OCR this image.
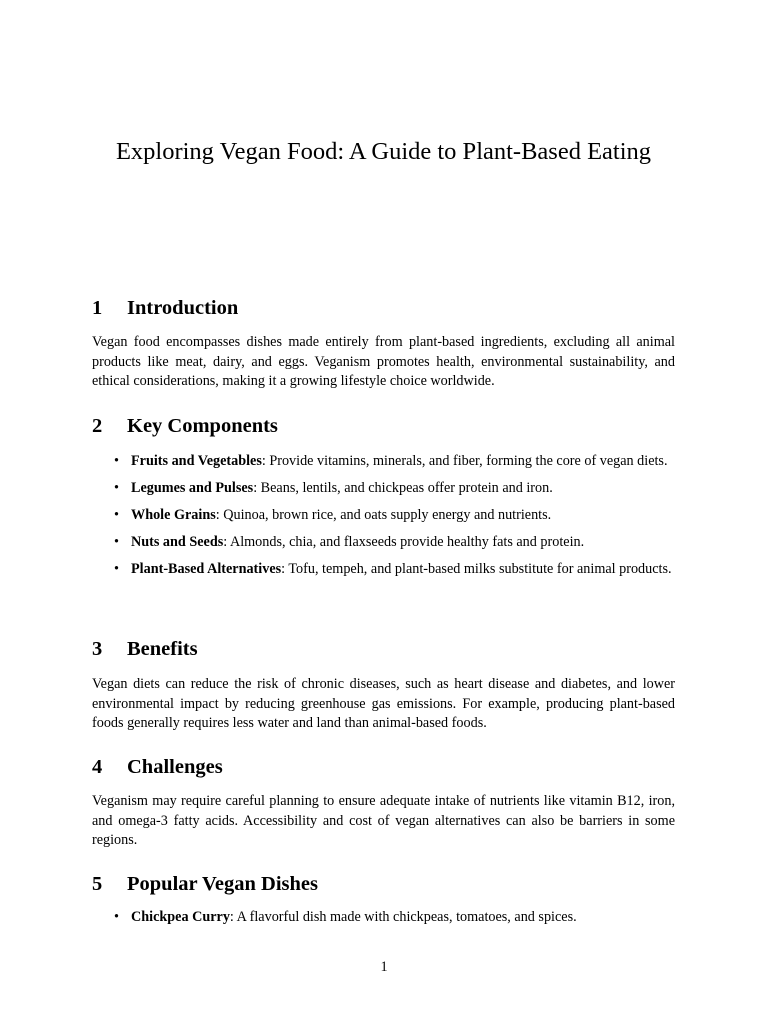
Exploring Vegan Food: A Guide to Plant-Based Eating
1 Introduction

Vegan food encompasses dishes made entirely from plant-based ingredients, excluding all animal products like meat, dairy, and eggs. Veganism promotes health, environmental sustainability, and ethical considerations, making it a growing lifestyle choice worldwide.

2 Key Components
• Fruits and Vegetables: Provide vitamins, minerals, and fiber, forming the core of vegan diets.
• Legumes and Pulses: Beans, lentils, and chickpeas offer protein and iron.
• Whole Grains: Quinoa, brown rice, and oats supply energy and nutrients.
• Nuts and Seeds: Almonds, chia, and flaxseeds provide healthy fats and protein.
• Plant-Based Alternatives: Tofu, tempeh, and plant-based milks substitute for animal products.
3 Benefits

Vegan diets can reduce the risk of chronic diseases, such as heart disease and diabetes, and lower environmental impact by reducing greenhouse gas emissions. For example, producing plant-based foods generally requires less water and land than animal-based foods.

4 Challenges

Veganism may require careful planning to ensure adequate intake of nutrients like vitamin B12, iron, and omega-3 fatty acids. Accessibility and cost of vegan alternatives can also be barriers in some regions.

5 Popular Vegan Dishes
• Chickpea Curry: A flavorful dish made with chickpeas, tomatoes, and spices.

1
